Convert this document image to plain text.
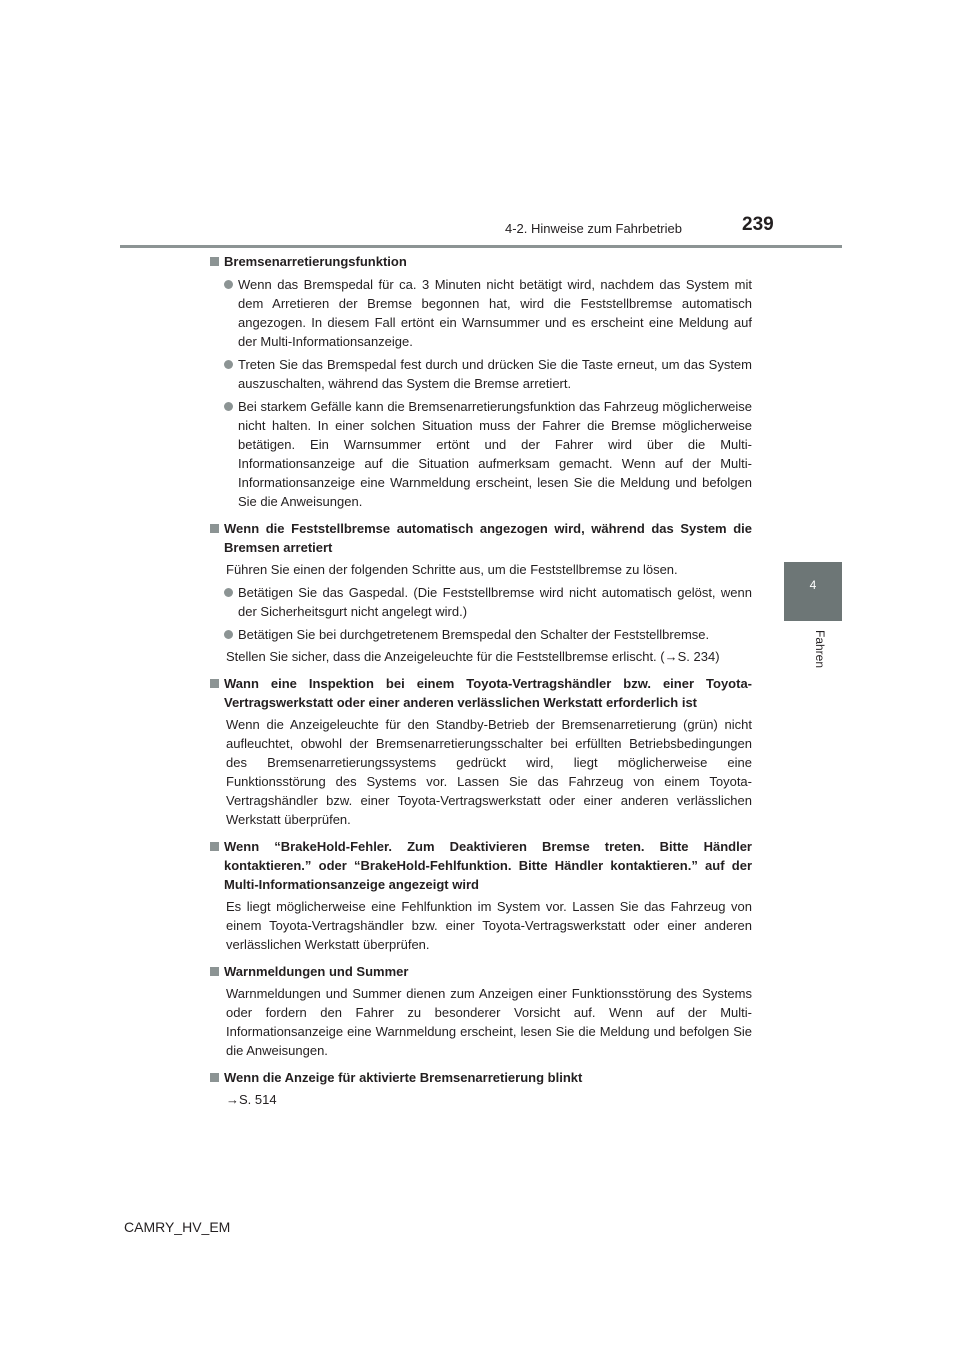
4-2. Hinweise zum Fahrbetrieb	239
4
Fahren
Bremsenarretierungsfunktion
Wenn das Bremspedal für ca. 3 Minuten nicht betätigt wird, nachdem das System mit dem Arretieren der Bremse begonnen hat, wird die Feststellbremse automatisch angezogen. In diesem Fall ertönt ein Warnsummer und es erscheint eine Meldung auf der Multi-Informationsanzeige.
Treten Sie das Bremspedal fest durch und drücken Sie die Taste erneut, um das System auszuschalten, während das System die Bremse arretiert.
Bei starkem Gefälle kann die Bremsenarretierungsfunktion das Fahrzeug möglicherweise nicht halten. In einer solchen Situation muss der Fahrer die Bremse möglicherweise betätigen. Ein Warnsummer ertönt und der Fahrer wird über die Multi-Informationsanzeige auf die Situation aufmerksam gemacht. Wenn auf der Multi-Informationsanzeige eine Warnmeldung erscheint, lesen Sie die Meldung und befolgen Sie die Anweisungen.
Wenn die Feststellbremse automatisch angezogen wird, während das System die Bremsen arretiert
Führen Sie einen der folgenden Schritte aus, um die Feststellbremse zu lösen.
Betätigen Sie das Gaspedal. (Die Feststellbremse wird nicht automatisch gelöst, wenn der Sicherheitsgurt nicht angelegt wird.)
Betätigen Sie bei durchgetretenem Bremspedal den Schalter der Feststellbremse.
Stellen Sie sicher, dass die Anzeigeleuchte für die Feststellbremse erlischt. (→S. 234)
Wann eine Inspektion bei einem Toyota-Vertragshändler bzw. einer Toyota-Vertragswerkstatt oder einer anderen verlässlichen Werkstatt erforderlich ist
Wenn die Anzeigeleuchte für den Standby-Betrieb der Bremsenarretierung (grün) nicht aufleuchtet, obwohl der Bremsenarretierungsschalter bei erfüllten Betriebsbedingungen des Bremsenarretierungssystems gedrückt wird, liegt möglicherweise eine Funktionsstörung des Systems vor. Lassen Sie das Fahrzeug von einem Toyota-Vertragshändler bzw. einer Toyota-Vertragswerkstatt oder einer anderen verlässlichen Werkstatt überprüfen.
Wenn “BrakeHold-Fehler. Zum Deaktivieren Bremse treten. Bitte Händler kontaktieren.” oder “BrakeHold-Fehlfunktion. Bitte Händler kontaktieren.” auf der Multi-Informationsanzeige angezeigt wird
Es liegt möglicherweise eine Fehlfunktion im System vor. Lassen Sie das Fahrzeug von einem Toyota-Vertragshändler bzw. einer Toyota-Vertragswerkstatt oder einer anderen verlässlichen Werkstatt überprüfen.
Warnmeldungen und Summer
Warnmeldungen und Summer dienen zum Anzeigen einer Funktionsstörung des Systems oder fordern den Fahrer zu besonderer Vorsicht auf. Wenn auf der Multi-Informationsanzeige eine Warnmeldung erscheint, lesen Sie die Meldung und befolgen Sie die Anweisungen.
Wenn die Anzeige für aktivierte Bremsenarretierung blinkt
→S. 514
CAMRY_HV_EM
